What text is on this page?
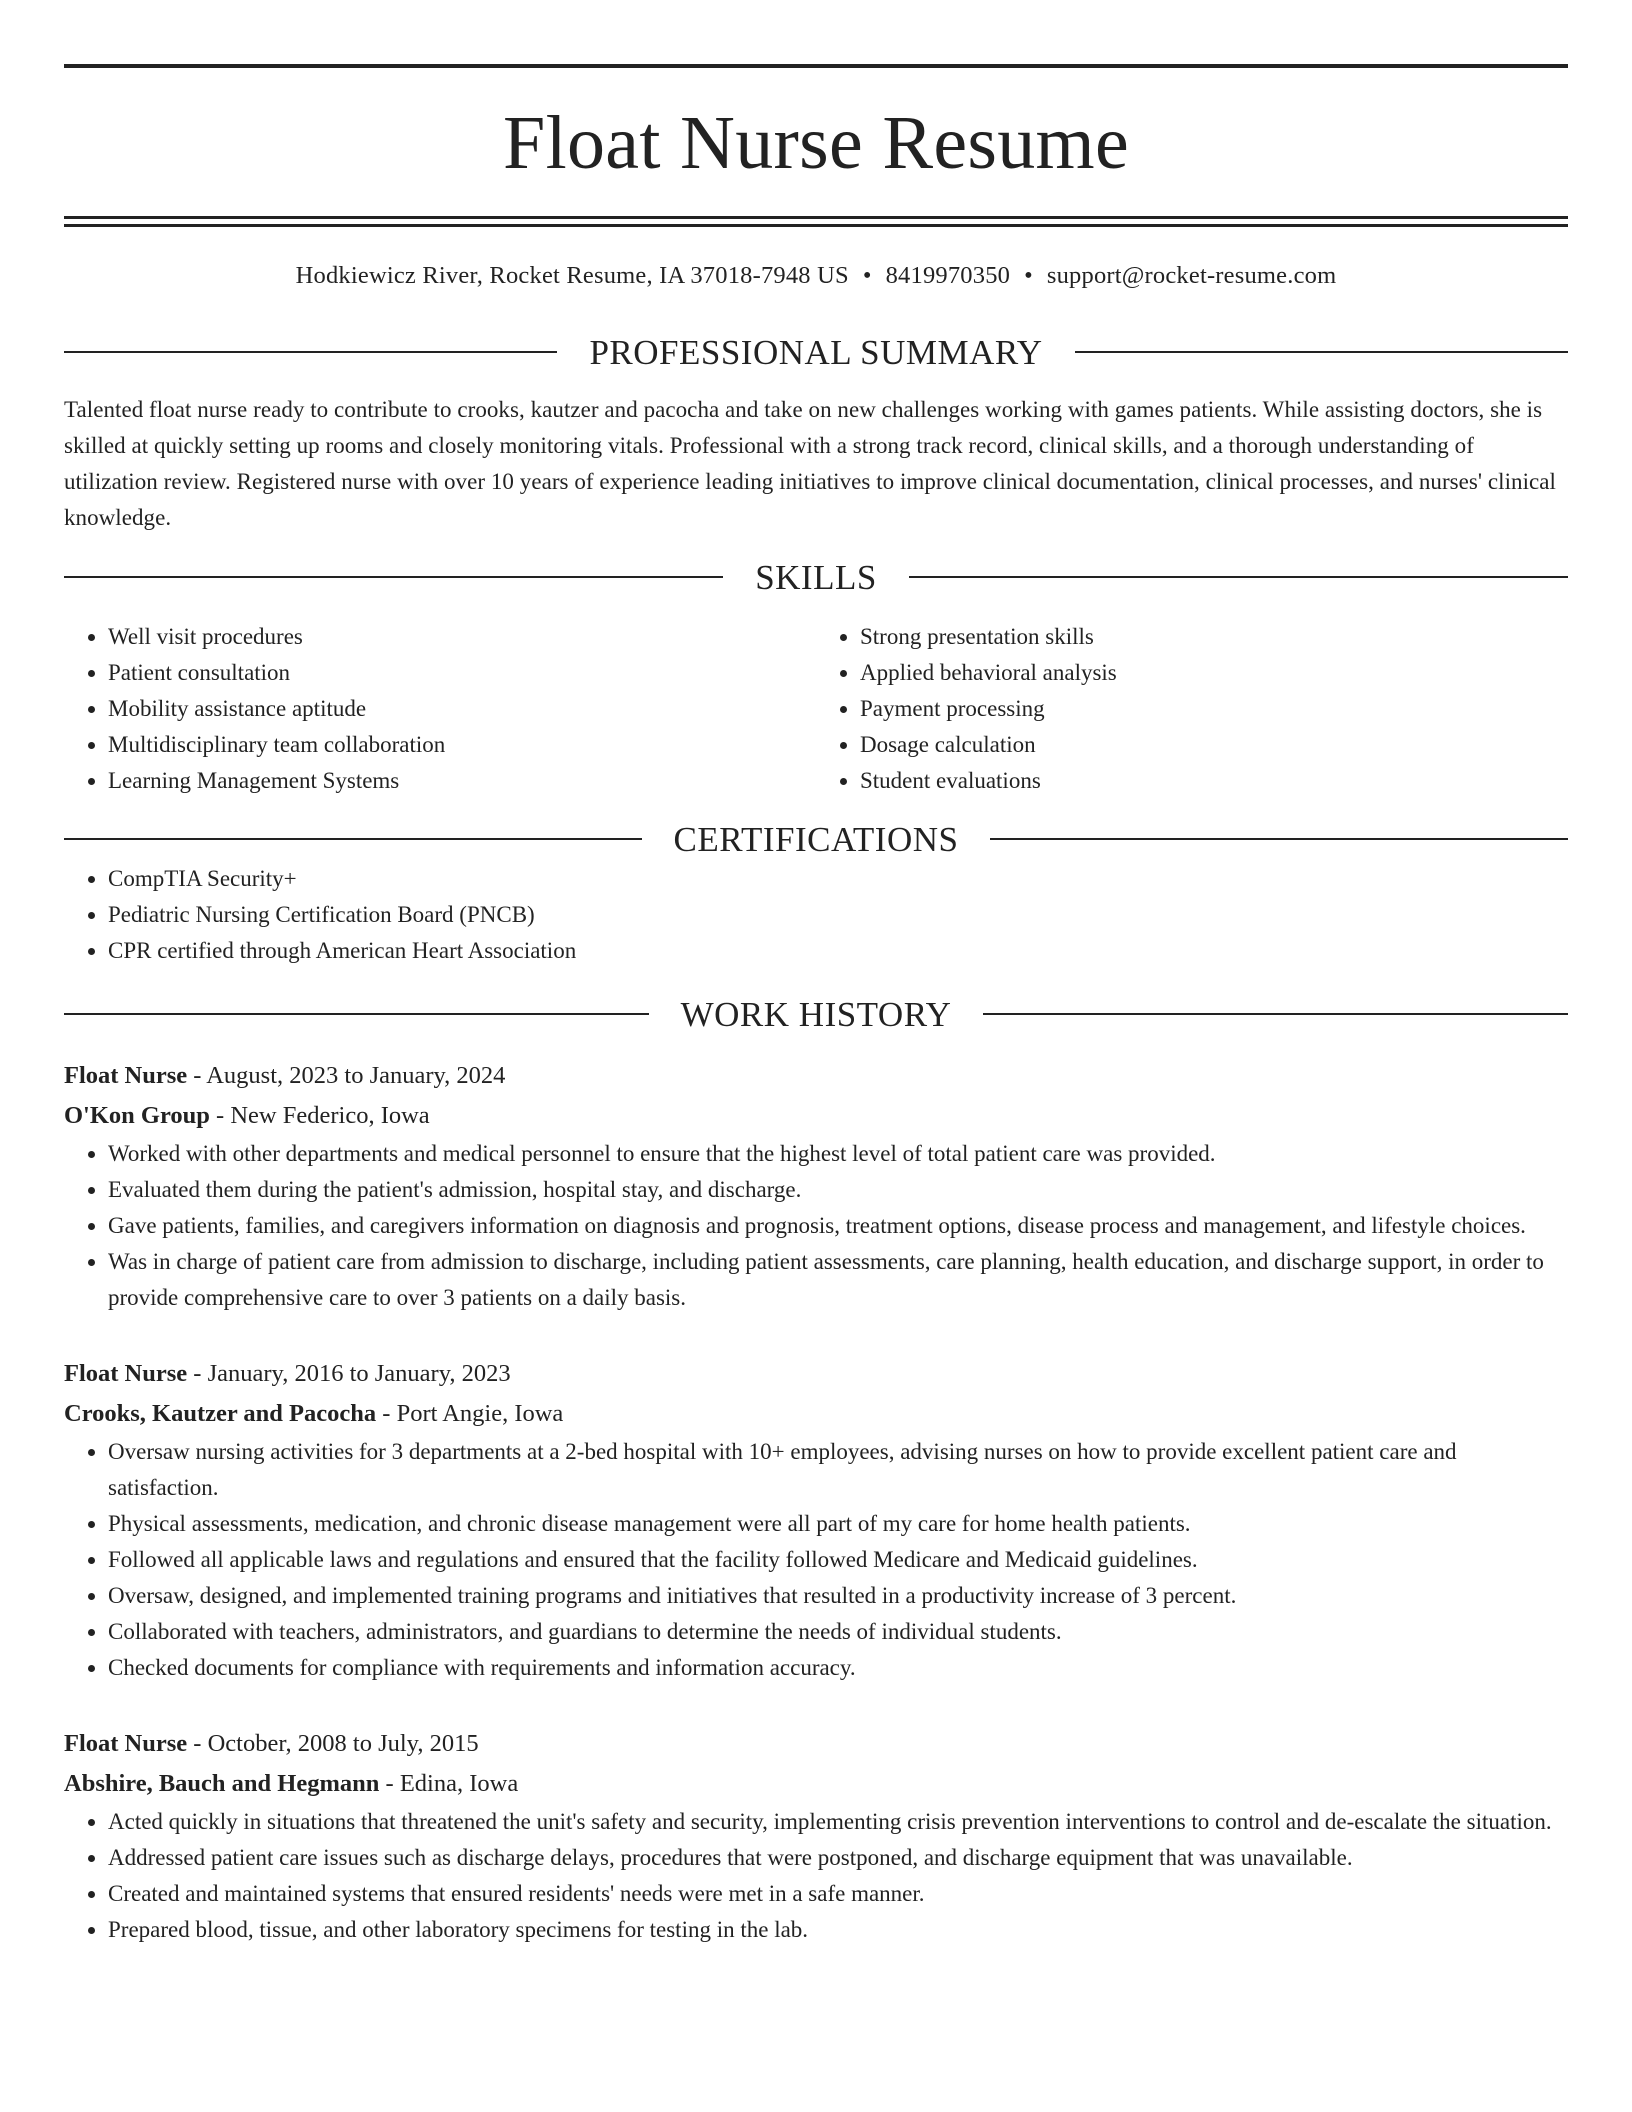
Float Nurse Resume
Hodkiewicz River, Rocket Resume, IA 37018-7948 US • 8419970350 • support@rocket-resume.com
PROFESSIONAL SUMMARY

Talented float nurse ready to contribute to crooks, kautzer and pacocha and take on new challenges working with games patients. While assisting doctors, she is skilled at quickly setting up rooms and closely monitoring vitals. Professional with a strong track record, clinical skills, and a thorough understanding of utilization review. Registered nurse with over 10 years of experience leading initiatives to improve clinical documentation, clinical processes, and nurses' clinical knowledge.

SKILLS
• Well visit procedures
• Patient consultation
• Mobility assistance aptitude
• Multidisciplinary team collaboration
• Learning Management Systems
• Strong presentation skills
• Applied behavioral analysis
• Payment processing
• Dosage calculation
• Student evaluations
CERTIFICATIONS
• CompTIA Security+
• Pediatric Nursing Certification Board (PNCB)
• CPR certified through American Heart Association
WORK HISTORY
Float Nurse - August, 2023 to January, 2024
O'Kon Group - New Federico, Iowa
• Worked with other departments and medical personnel to ensure that the highest level of total patient care was provided.
• Evaluated them during the patient's admission, hospital stay, and discharge.
• Gave patients, families, and caregivers information on diagnosis and prognosis, treatment options, disease process and management, and lifestyle choices.
• Was in charge of patient care from admission to discharge, including patient assessments, care planning, health education, and discharge support, in order to provide comprehensive care to over 3 patients on a daily basis.
Float Nurse - January, 2016 to January, 2023
Crooks, Kautzer and Pacocha - Port Angie, Iowa
• Oversaw nursing activities for 3 departments at a 2-bed hospital with 10+ employees, advising nurses on how to provide excellent patient care and satisfaction.
• Physical assessments, medication, and chronic disease management were all part of my care for home health patients.
• Followed all applicable laws and regulations and ensured that the facility followed Medicare and Medicaid guidelines.
• Oversaw, designed, and implemented training programs and initiatives that resulted in a productivity increase of 3 percent.
• Collaborated with teachers, administrators, and guardians to determine the needs of individual students.
• Checked documents for compliance with requirements and information accuracy.
Float Nurse - October, 2008 to July, 2015
Abshire, Bauch and Hegmann - Edina, Iowa
• Acted quickly in situations that threatened the unit's safety and security, implementing crisis prevention interventions to control and de-escalate the situation.
• Addressed patient care issues such as discharge delays, procedures that were postponed, and discharge equipment that was unavailable.
• Created and maintained systems that ensured residents' needs were met in a safe manner.
• Prepared blood, tissue, and other laboratory specimens for testing in the lab.
